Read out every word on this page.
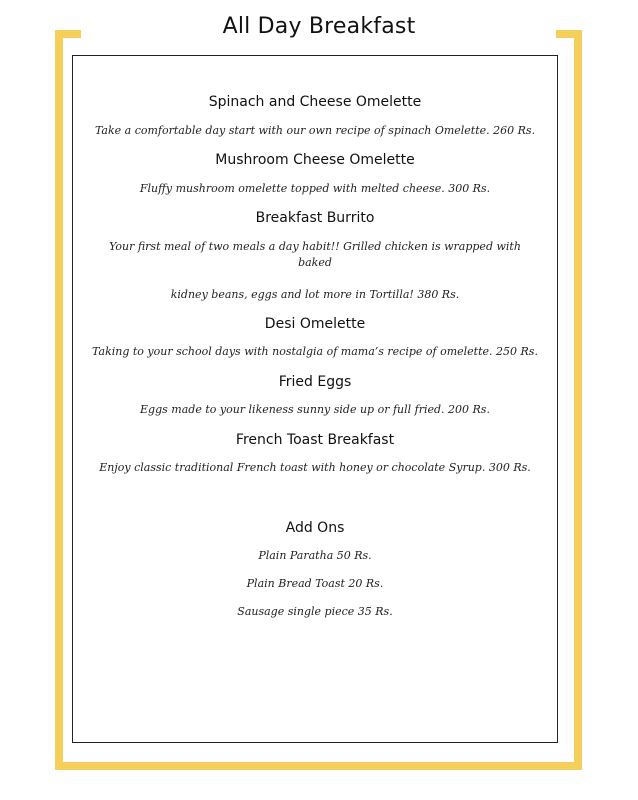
All Day Breakfast
Spinach and Cheese Omelette
Take a comfortable day start with our own recipe of spinach Omelette. 260 Rs.
Mushroom Cheese Omelette
Fluffy mushroom omelette topped with melted cheese. 300 Rs.
Breakfast Burrito
Your first meal of two meals a day habit!! Grilled chicken is wrapped with baked
kidney beans, eggs and lot more in Tortilla! 380 Rs.
Desi Omelette
Taking to your school days with nostalgia of mama’s recipe of omelette. 250 Rs.
Fried Eggs
Eggs made to your likeness sunny side up or full fried. 200 Rs.
French Toast Breakfast
Enjoy classic traditional French toast with honey or chocolate Syrup. 300 Rs.
Add Ons
Plain Paratha 50 Rs.
Plain Bread Toast 20 Rs.
Sausage single piece 35 Rs.
